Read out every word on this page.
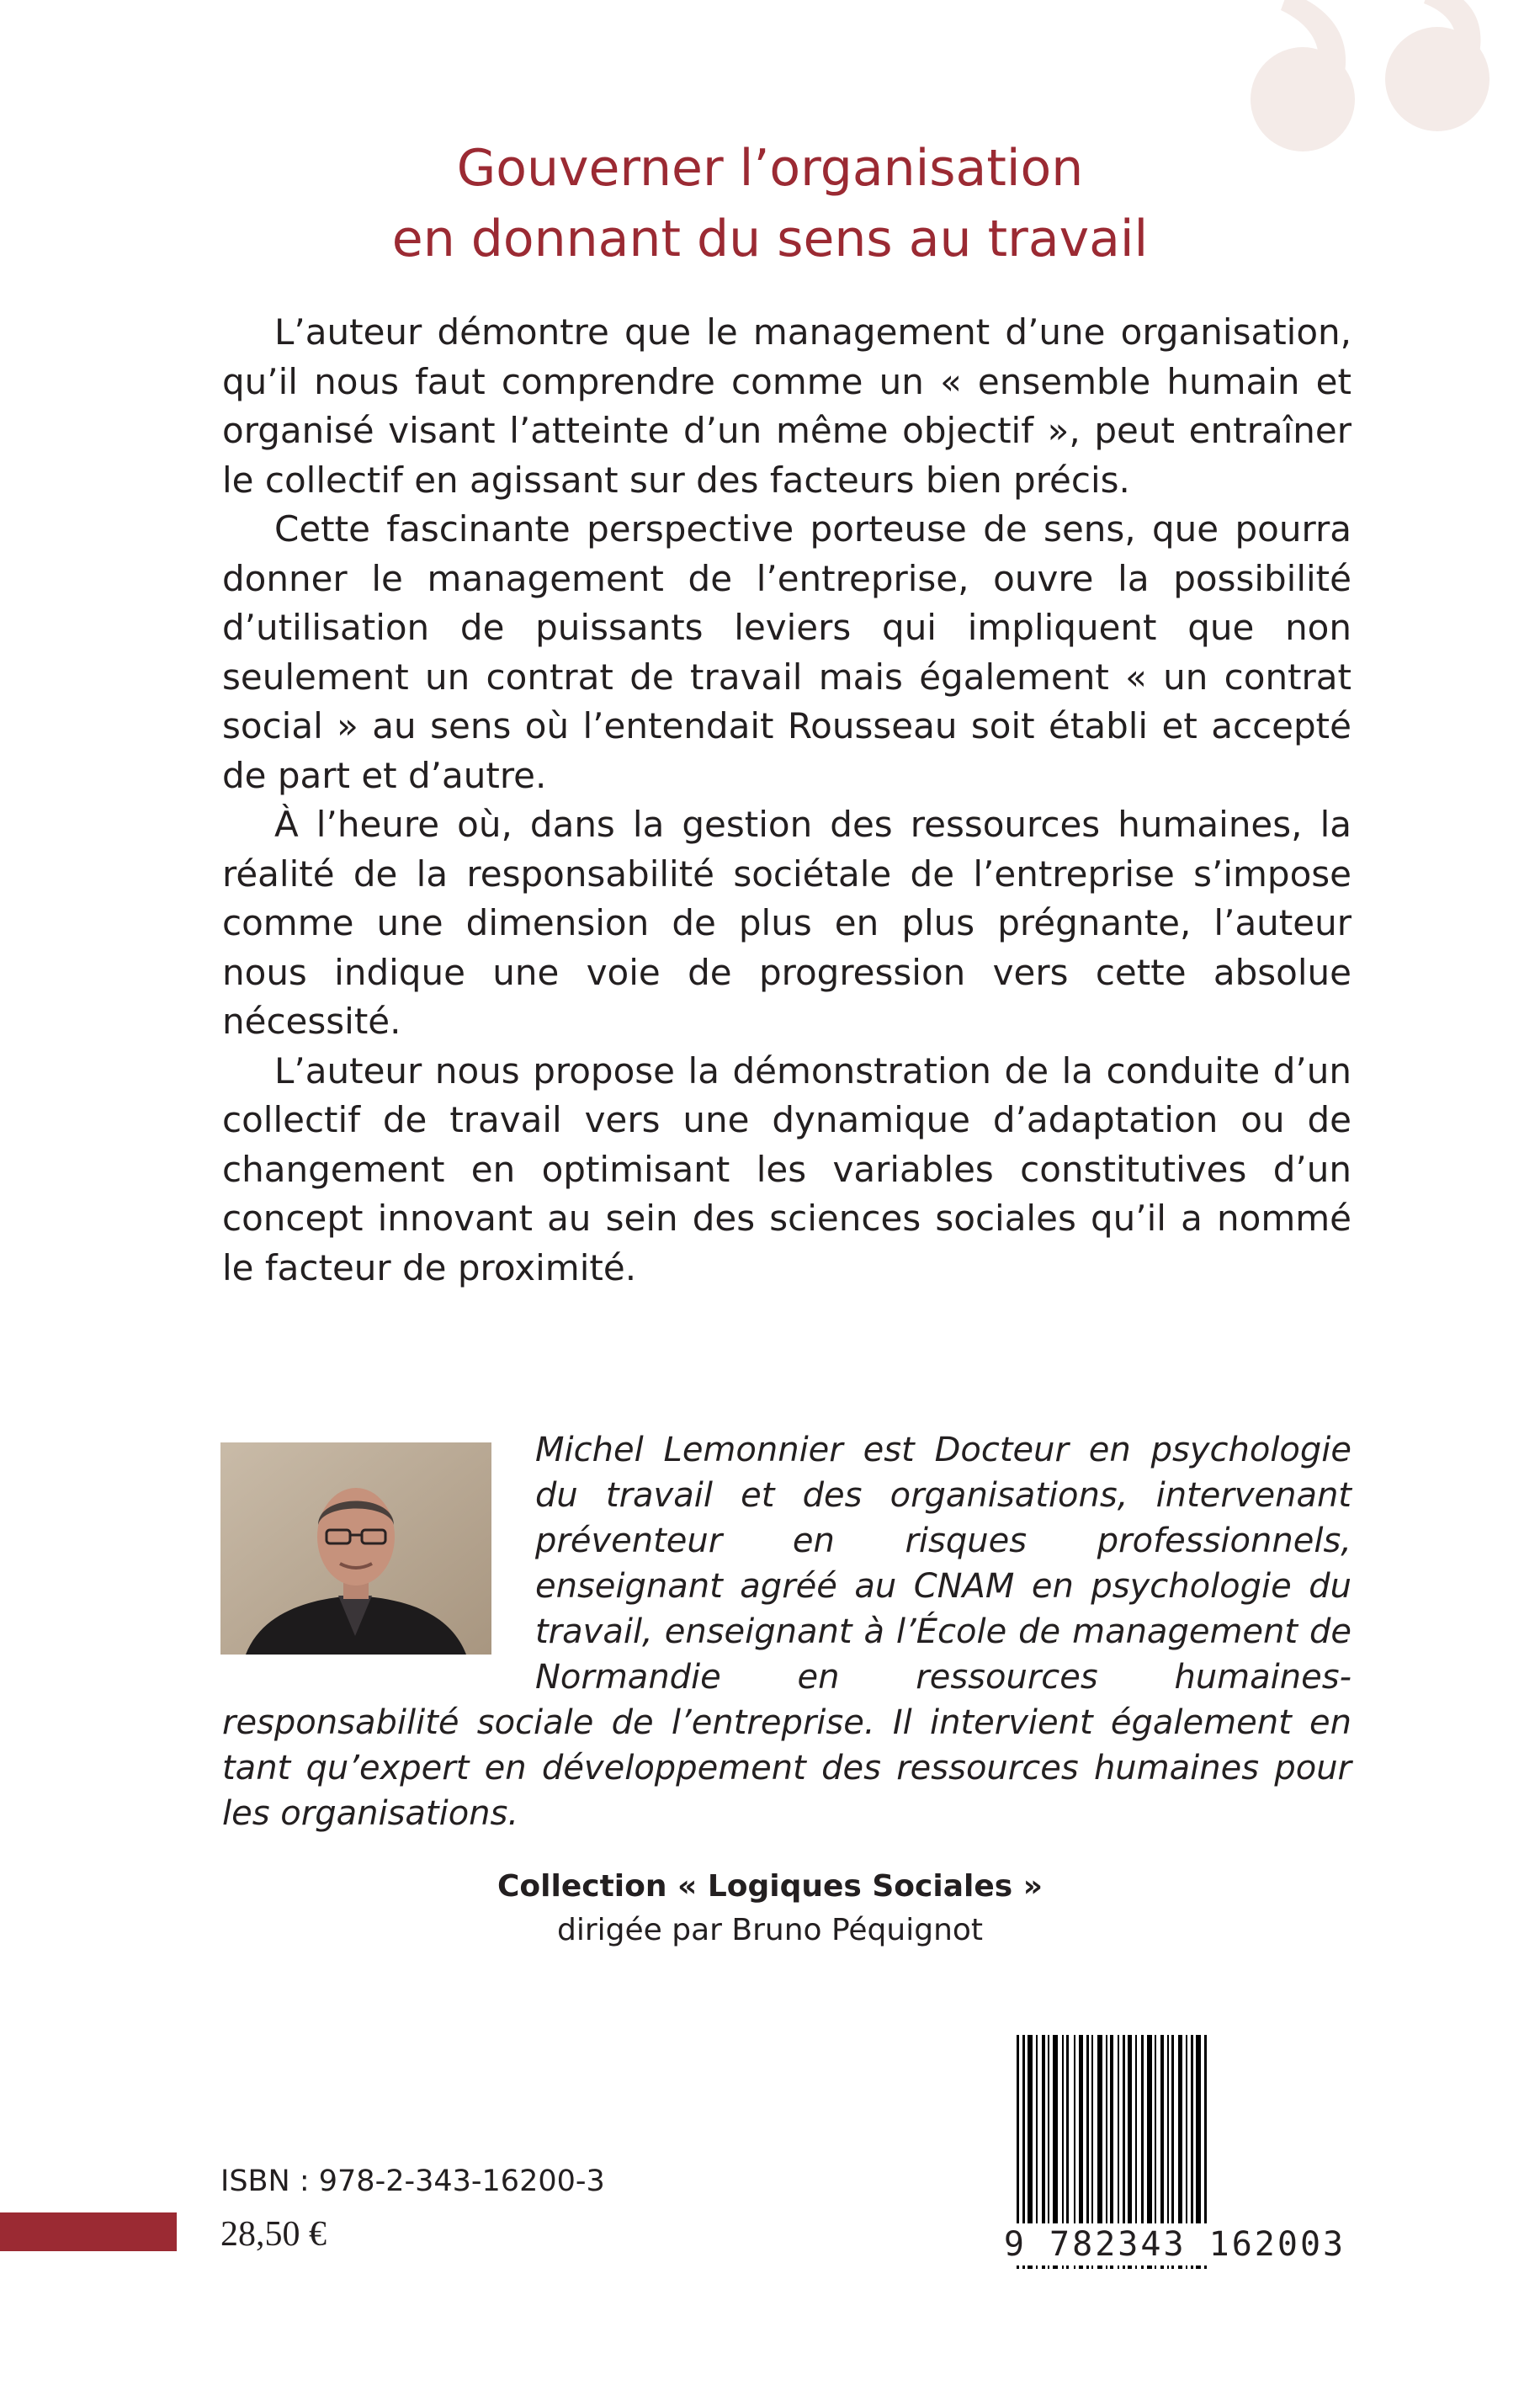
Gouverner l’organisation
en donnant du sens au travail

L’auteur démontre que le management d’une organisation, qu’il nous faut comprendre comme un « ensemble humain et organisé visant l’atteinte d’un même objectif », peut entraîner le collectif en agissant sur des facteurs bien précis.

Cette fascinante perspective porteuse de sens, que pourra donner le management de l’entreprise, ouvre la possibilité d’utilisation de puissants leviers qui impliquent que non seulement un contrat de travail mais également « un contrat social » au sens où l’entendait Rousseau soit établi et accepté de part et d’autre.

À l’heure où, dans la gestion des ressources humaines, la réalité de la responsabilité sociétale de l’entreprise s’impose comme une dimension de plus en plus prégnante, l’auteur nous indique une voie de progression vers cette absolue nécessité.

L’auteur nous propose la démonstration de la conduite d’un collectif de travail vers une dynamique d’adaptation ou de changement en optimisant les variables constitutives d’un concept innovant au sein des sciences sociales qu’il a nommé le facteur de proximité.

Michel Lemonnier est Docteur en psychologie du travail et des organisations, intervenant préventeur en risques professionnels, enseignant agréé au CNAM en psychologie du travail, enseignant à l’École de management de Normandie en ressources humaines-responsabilité sociale de l’entreprise. Il intervient également en tant qu’expert en développement des ressources humaines pour les organisations.
Collection « Logiques Sociales »
dirigée par Bruno Péquignot
9 782343 162003
ISBN : 978-2-343-16200-3
28,50 €
